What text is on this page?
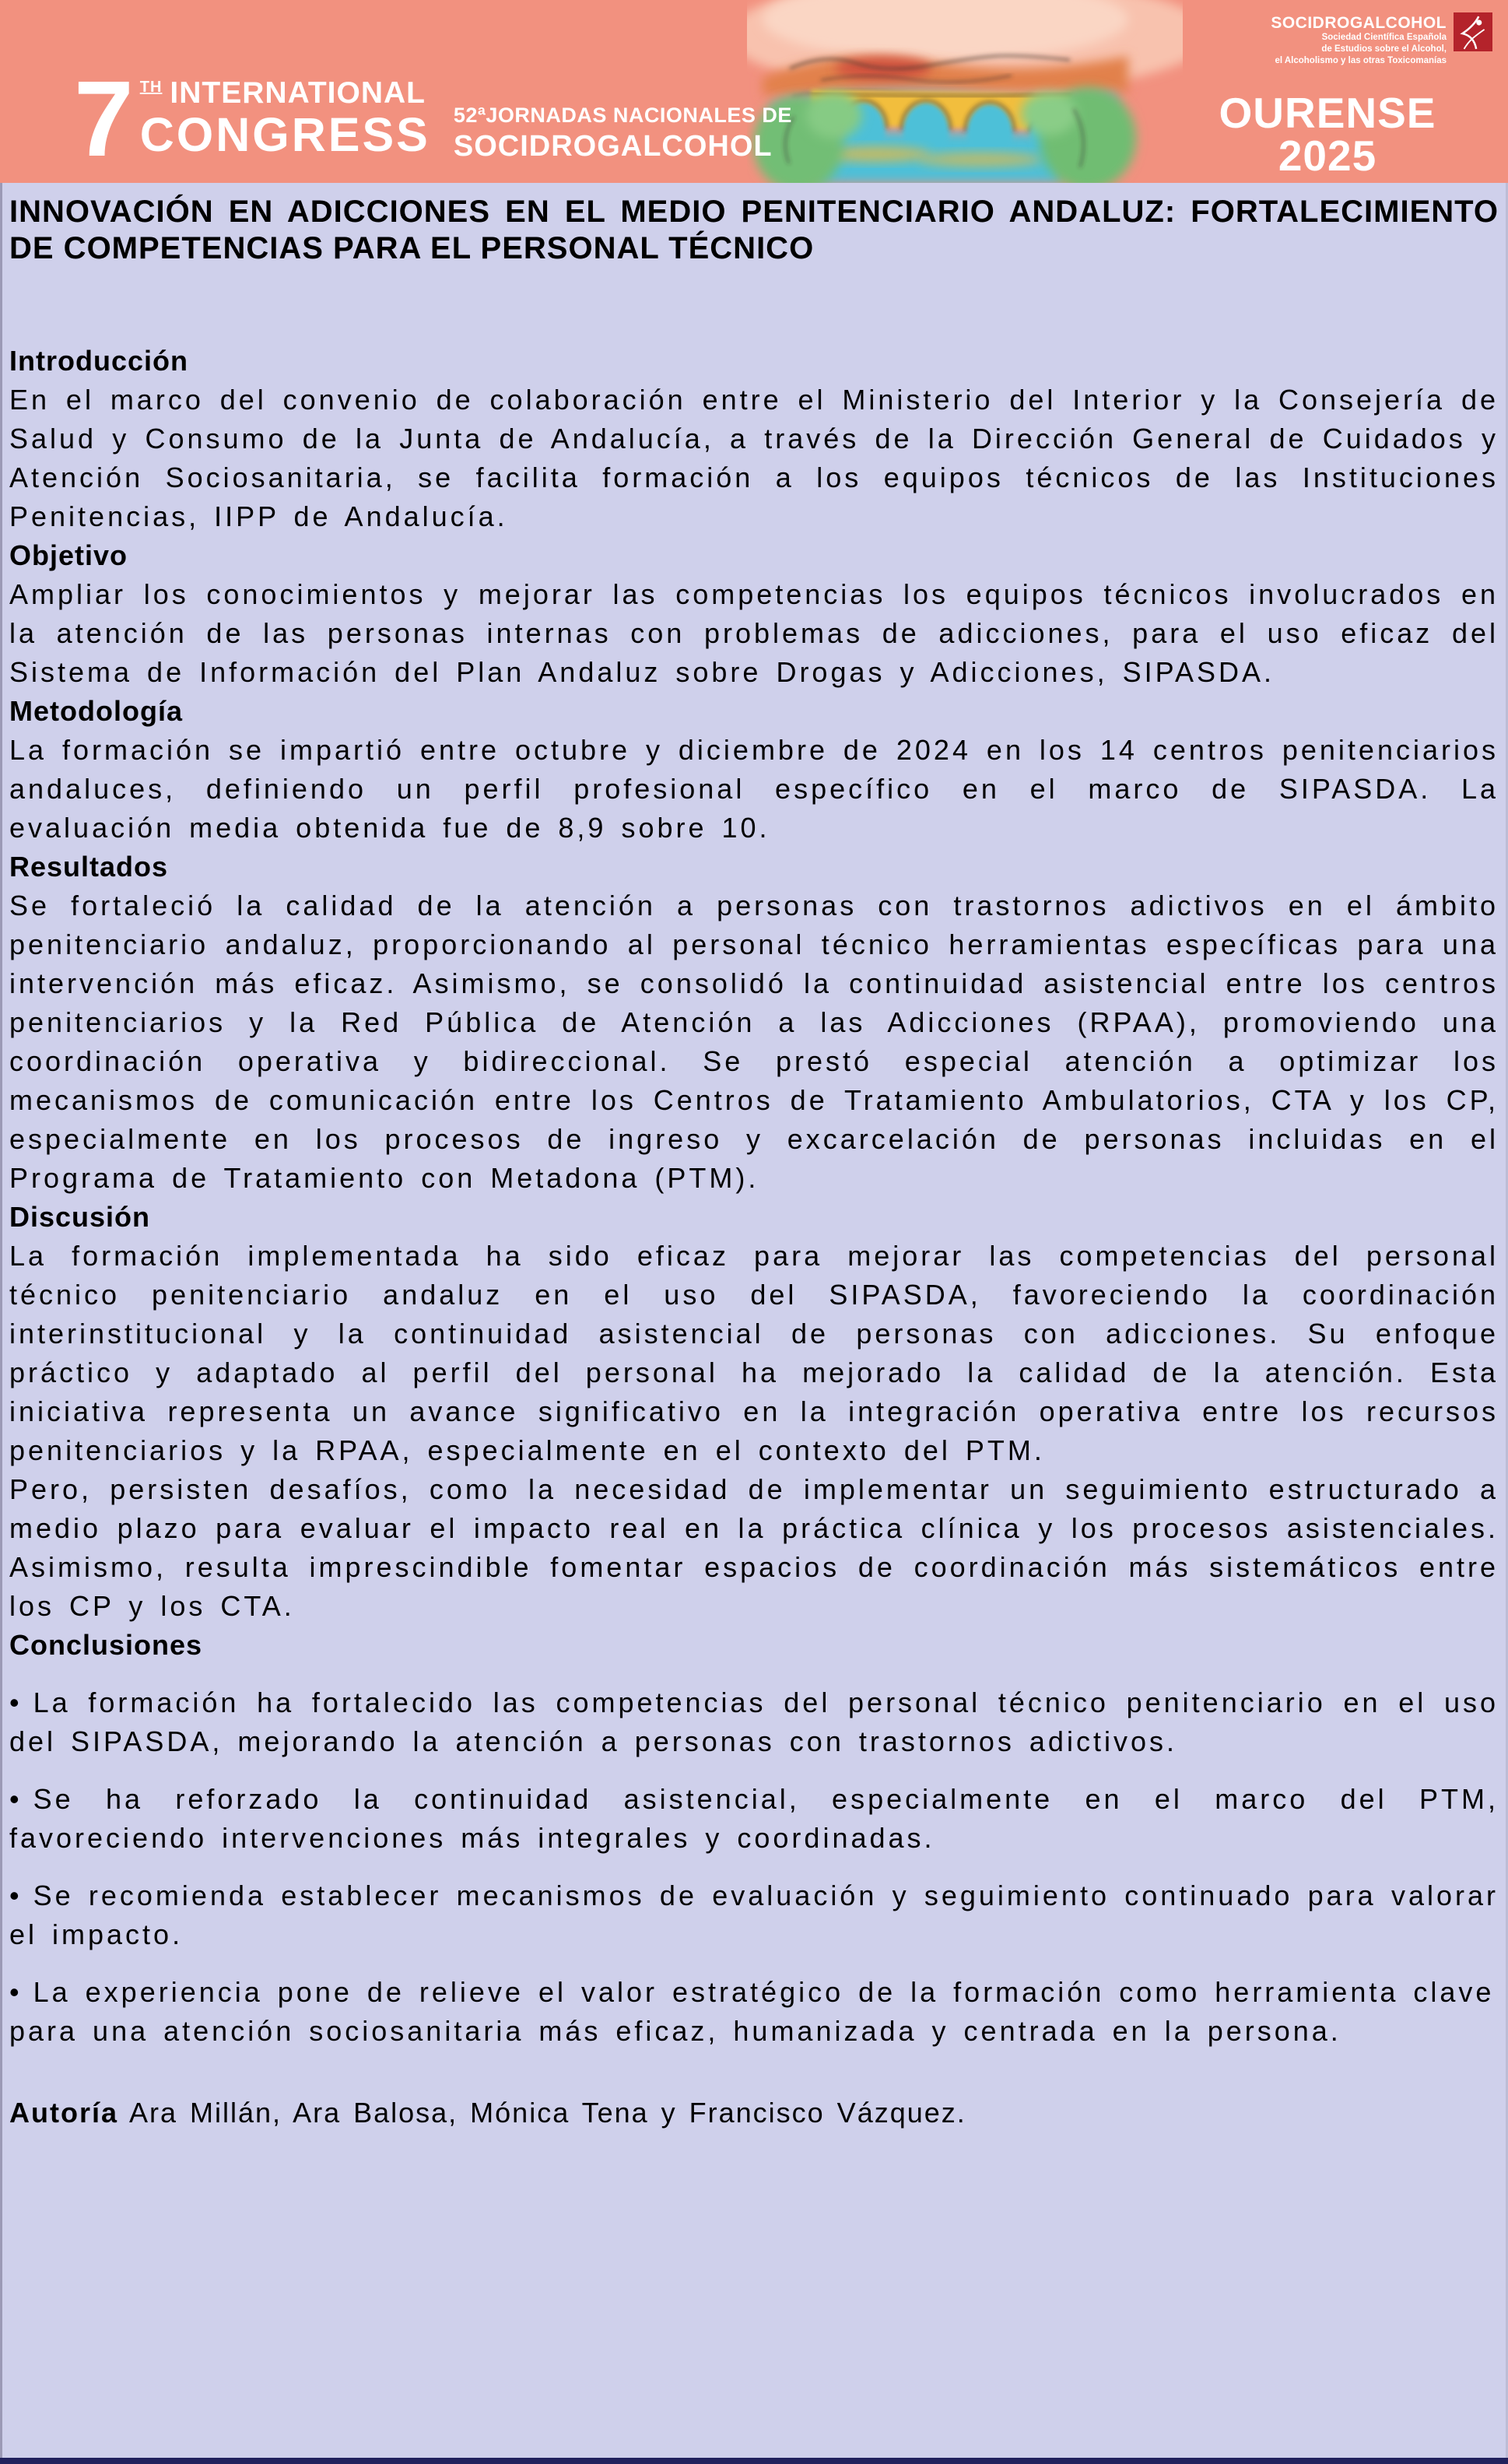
7 $^{TH}$ INTERNATIONAL
CONGRESS 52ªJORNADAS NACIONALES DE
SOCIDROGALCOHOL
OURENSE 2025
SOCIDROGALCOHOL
Sociedad Científica Española
de Estudios sobre el Alcohol,
el Alcoholismo y las otras Toxicomanías
INNOVACIÓN EN ADICCIONES EN EL MEDIO PENITENCIARIO ANDALUZ: FORTALECIMIENTO DE COMPETENCIAS PARA EL PERSONAL TÉCNICO
Introducción

En el marco del convenio de colaboración entre el Ministerio del Interior y la Consejería de Salud y Consumo de la Junta de Andalucía, a través de la Dirección General de Cuidados y Atención Sociosanitaria, se facilita formación a los equipos técnicos de las Instituciones Penitencias, IIPP de Andalucía.

Objetivo

Ampliar los conocimientos y mejorar las competencias los equipos técnicos involucrados en la atención de las personas internas con problemas de adicciones, para el uso eficaz del Sistema de Información del Plan Andaluz sobre Drogas y Adicciones, SIPASDA.

Metodología

La formación se impartió entre octubre y diciembre de 2024 en los 14 centros penitenciarios andaluces, definiendo un perfil profesional específico en el marco de SIPASDA. La evaluación media obtenida fue de 8,9 sobre 10.

Resultados

Se fortaleció la calidad de la atención a personas con trastornos adictivos en el ámbito penitenciario andaluz, proporcionando al personal técnico herramientas específicas para una intervención más eficaz. Asimismo, se consolidó la continuidad asistencial entre los centros penitenciarios y la Red Pública de Atención a las Adicciones (RPAA), promoviendo una coordinación operativa y bidireccional. Se prestó especial atención a optimizar los mecanismos de comunicación entre los Centros de Tratamiento Ambulatorios, CTA y los CP, especialmente en los procesos de ingreso y excarcelación de personas incluidas en el Programa de Tratamiento con Metadona (PTM).

Discusión

La formación implementada ha sido eficaz para mejorar las competencias del personal técnico penitenciario andaluz en el uso del SIPASDA, favoreciendo la coordinación interinstitucional y la continuidad asistencial de personas con adicciones. Su enfoque práctico y adaptado al perfil del personal ha mejorado la calidad de la atención. Esta iniciativa representa un avance significativo en la integración operativa entre los recursos penitenciarios y la RPAA, especialmente en el contexto del PTM.

Pero, persisten desafíos, como la necesidad de implementar un seguimiento estructurado a medio plazo para evaluar el impacto real en la práctica clínica y los procesos asistenciales. Asimismo, resulta imprescindible fomentar espacios de coordinación más sistemáticos entre los CP y los CTA.

Conclusiones

• La formación ha fortalecido las competencias del personal técnico penitenciario en el uso del SIPASDA, mejorando la atención a personas con trastornos adictivos.

• Se ha reforzado la continuidad asistencial, especialmente en el marco del PTM, favoreciendo intervenciones más integrales y coordinadas.

• Se recomienda establecer mecanismos de evaluación y seguimiento continuado para valorar el impacto.

• La experiencia pone de relieve el valor estratégico de la formación como herramienta clave para una atención sociosanitaria más eficaz, humanizada y centrada en la persona.

Autoría Ara Millán, Ara Balosa, Mónica Tena y Francisco Vázquez.
